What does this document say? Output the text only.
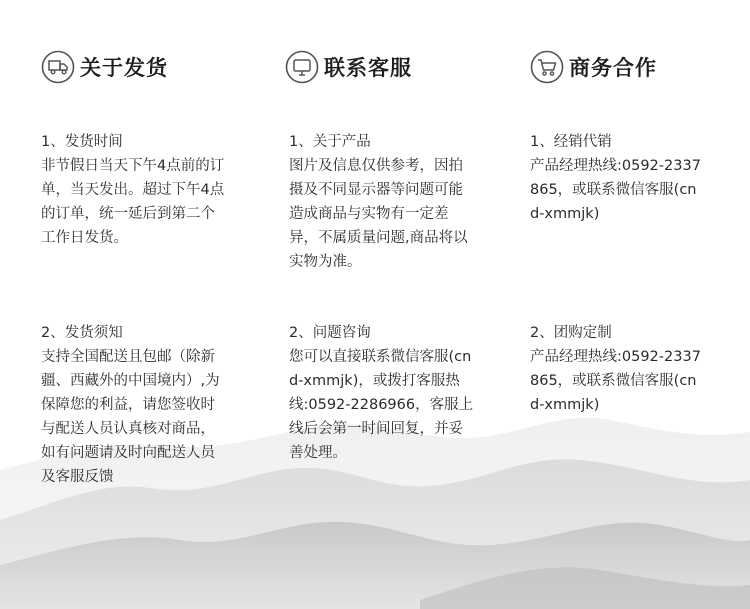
关于发货
1、发货时间
非节假日当天下午4点前的订单，当天发出。超过下午4点的订单，统一延后到第二个工作日发货。
2、发货须知
支持全国配送且包邮（除新疆、西藏外的中国境内）,为保障您的利益，请您签收时与配送人员认真核对商品，如有问题请及时向配送人员及客服反馈
联系客服
1、关于产品
图片及信息仅供参考，因拍摄及不同显示器等问题可能造成商品与实物有一定差异，不属质量问题,商品将以实物为准。
2、问题咨询
您可以直接联系微信客服(cnd-xmmjk)，或拨打客服热线:0592-2286966，客服上线后会第一时间回复，并妥善处理。
商务合作
1、经销代销
产品经理热线:0592-2337865，或联系微信客服(cnd-xmmjk)
2、团购定制
产品经理热线:0592-2337865，或联系微信客服(cnd-xmmjk)
